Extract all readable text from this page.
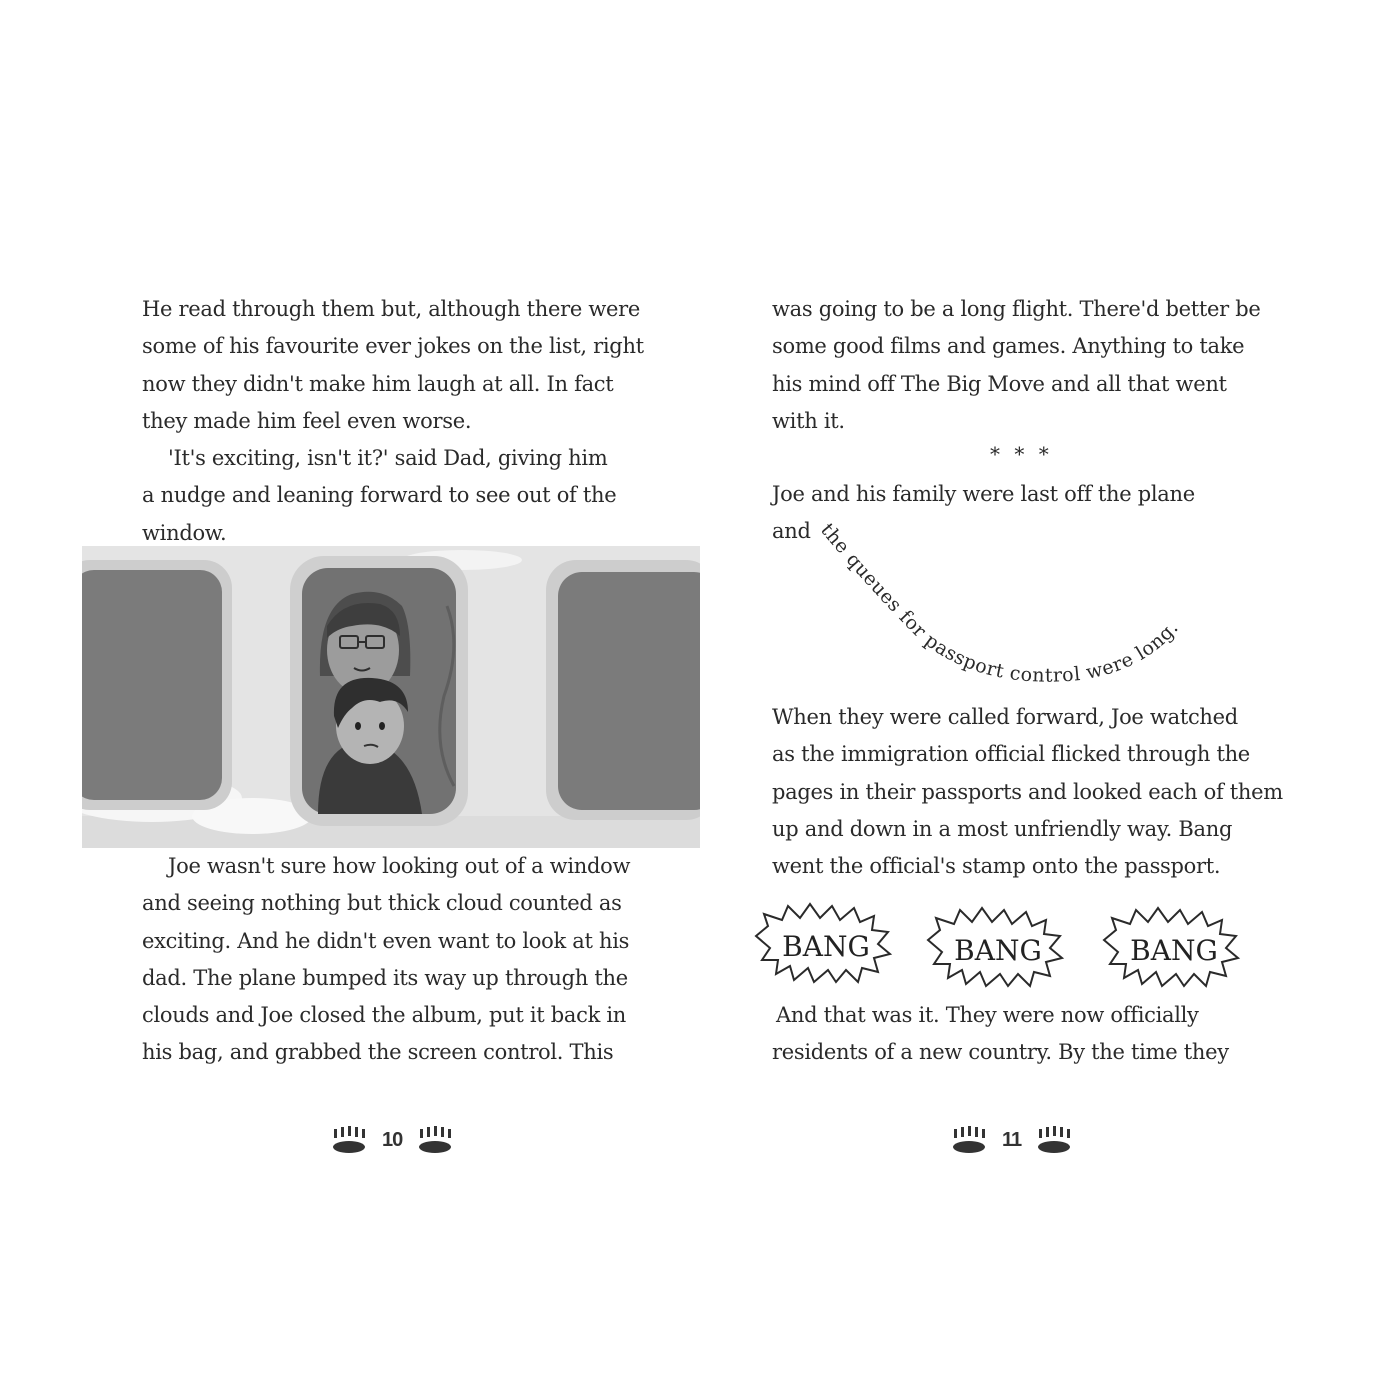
He read through them but, although there were
some of his favourite ever jokes on the list, right
now they didn't make him laugh at all. In fact
they made him feel even worse.
'It's exciting, isn't it?' said Dad, giving him
a nudge and leaning forward to see out of the
window.
Joe wasn't sure how looking out of a window
and seeing nothing but thick cloud counted as
exciting. And he didn't even want to look at his
dad. The plane bumped its way up through the
clouds and Joe closed the album, put it back in
his bag, and grabbed the screen control. This
10
was going to be a long flight. There'd better be
some good films and games. Anything to take
his mind off The Big Move and all that went
with it.
* * *
Joe and his family were last off the plane
and the queues for passport control were long.
When they were called forward, Joe watched
as the immigration official flicked through the
pages in their passports and looked each of them
up and down in a most unfriendly way. Bang
went the official's stamp onto the passport.
BANG	BANG	BANG
And that was it. They were now officially
residents of a new country. By the time they
11
